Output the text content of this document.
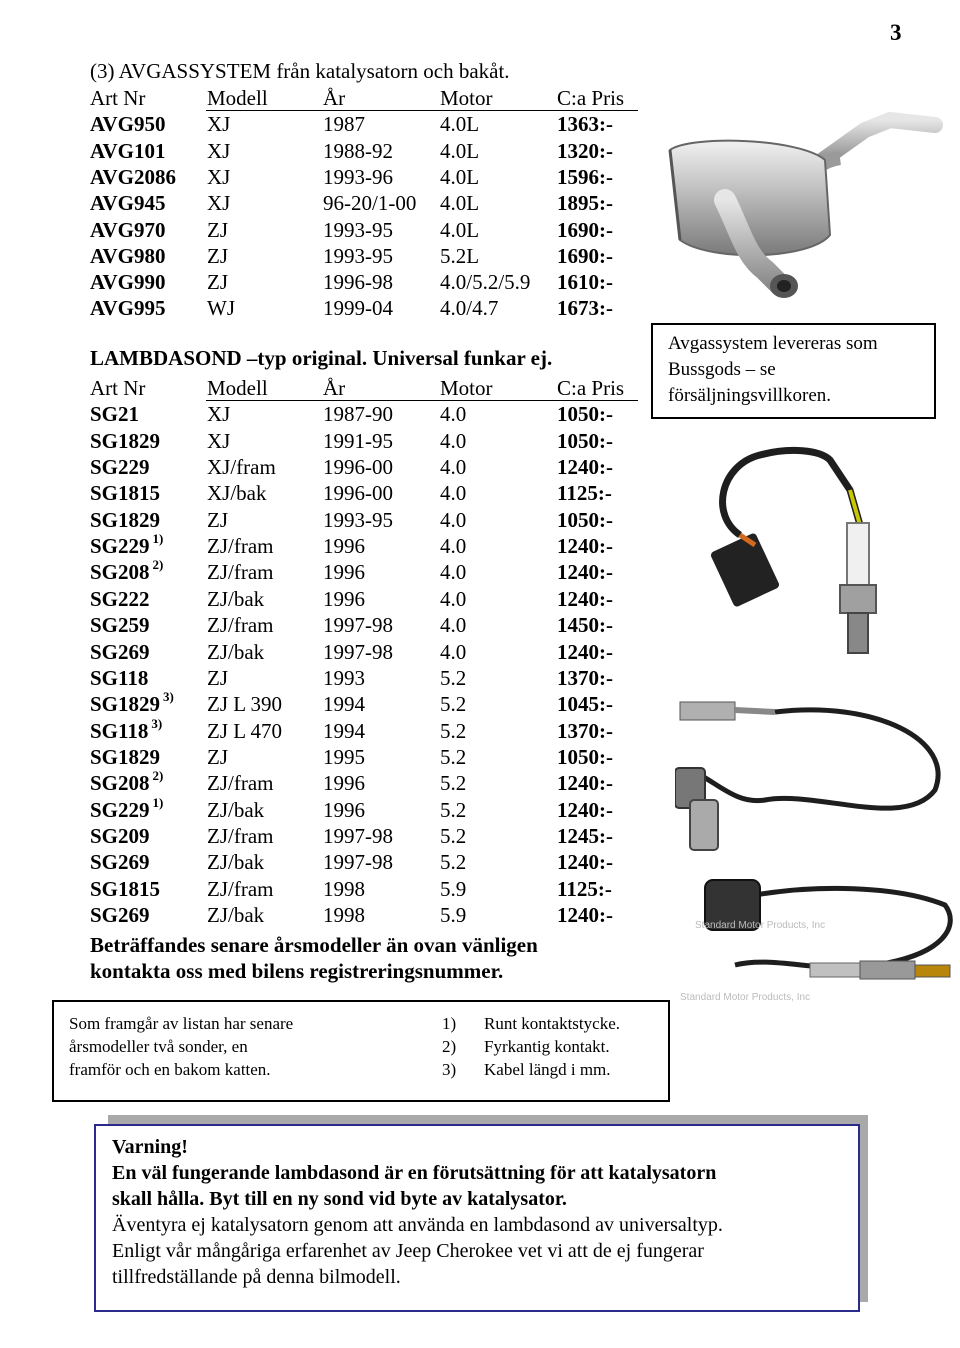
3
(3) AVGASSYSTEM från katalysatorn och bakåt.
Art Nr	Modell	År	Motor	C:a Pris
AVG950 XJ	1987	4.0L	1363:-
AVG101 XJ	1988-92 4.0L	1320:-
AVG2086 XJ	1993-96 4.0L	1596:-
AVG945 XJ	96-20/1-00 4.0L	1895:-
AVG970 ZJ	1993-95 4.0L	1690:-
AVG980 ZJ	1993-95 5.2L	1690:-
AVG990 ZJ	1996-98 4.0/5.2/5.9 1610:-
AVG995 WJ	1999-04 4.0/4.7	1673:-
LAMBDASOND –typ original. Universal funkar ej.
Art Nr	Modell	År	Motor	C:a Pris
SG21	XJ	1987-90 4.0	1050:-
SG1829 XJ	1991-95 4.0	1050:-
SG229	XJ/fram 1996-00 4.0	1240:-
SG1815 XJ/bak	1996-00 4.0	1125:-
SG1829 ZJ	1993-95 4.0	1050:-
SG229 $^{1)}$ ZJ/fram 1996	4.0	1240:-
SG208 $^{2)}$ ZJ/fram 1996	4.0	1240:-
SG222	ZJ/bak	1996	4.0	1240:-
SG259	ZJ/fram 1997-98 4.0	1450:-
SG269	ZJ/bak	1997-98 4.0	1240:-
SG118	ZJ	1993	5.2	1370:-
SG1829 $^{3)}$ ZJ L 390 1994	5.2	1045:-
SG118 $^{3)}$ ZJ L 470 1994	5.2	1370:-
SG1829 ZJ	1995	5.2	1050:-
SG208 $^{2)}$ ZJ/fram 1996	5.2	1240:-
SG229 $^{1)}$ ZJ/bak	1996	5.2	1240:-
SG209	ZJ/fram 1997-98 5.2	1245:-
SG269	ZJ/bak	1997-98 5.2	1240:-
SG1815 ZJ/fram 1998	5.9	1125:-
SG269	ZJ/bak	1998	5.9	1240:-
Beträffandes senare årsmodeller än ovan vänligen
kontakta oss med bilens registreringsnummer.
Avgassystem levereras som
Bussgods – se
försäljningsvillkoren.
Standard Motor Products, Inc
Standard Motor Products, Inc
Som framgår av listan har senare
årsmodeller två sonder, en
framför och en bakom katten.
1) Runt kontaktstycke.
2) Fyrkantig kontakt.
3) Kabel längd i mm.
Varning!
En väl fungerande lambdasond är en förutsättning för att katalysatorn
skall hålla. Byt till en ny sond vid byte av katalysator.
Äventyra ej katalysatorn genom att använda en lambdasond av universaltyp.
Enligt vår mångåriga erfarenhet av Jeep Cherokee vet vi att de ej fungerar
tillfredställande på denna bilmodell.
